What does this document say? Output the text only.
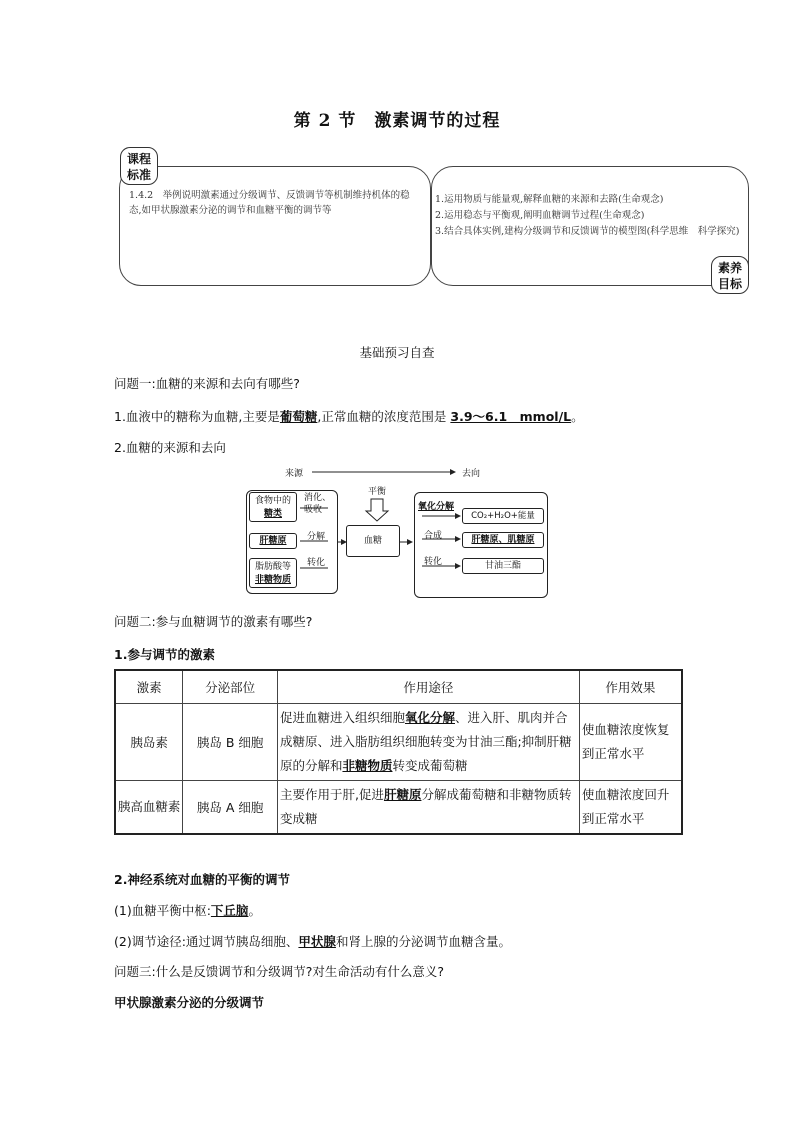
第 2 节　激素调节的过程
课程
标准
1.4.2　举例说明激素通过分级调节、反馈调节等机制维持机体的稳态,如甲状腺激素分泌的调节和血糖平衡的调节等
1.运用物质与能量观,解释血糖的来源和去路(生命观念)
2.运用稳态与平衡观,阐明血糖调节过程(生命观念)
3.结合具体实例,建构分级调节和反馈调节的模型图(科学思维　科学探究)
素养
目标
基础预习自查
问题一:血糖的来源和去向有哪些?
1.血液中的糖称为血糖,主要是葡萄糖,正常血糖的浓度范围是 3.9～6.1　mmol/L。
2.血糖的来源和去向
来源	去向
平衡
食物中的
糖类
消化、吸收
肝糖原	分解
脂肪酸等
非糖物质
转化
血糖
氧化分解
CO₂+H₂O+能量
合成	肝糖原、肌糖原
转化	甘油三酯
问题二:参与血糖调节的激素有哪些?
1.参与调节的激素
激素	分泌部位	作用途径	作用效果
胰岛素	胰岛 B 细胞	促进血糖进入组织细胞氧化分解、进入肝、肌肉并合成糖原、进入脂肪组织细胞转变为甘油三酯;抑制肝糖原的分解和非糖物质转变成葡萄糖	使血糖浓度恢复到正常水平
胰高血糖素	胰岛 A 细胞	主要作用于肝,促进肝糖原分解成葡萄糖和非糖物质转变成糖	使血糖浓度回升到正常水平
2.神经系统对血糖的平衡的调节
(1)血糖平衡中枢:下丘脑。
(2)调节途径:通过调节胰岛细胞、甲状腺和肾上腺的分泌调节血糖含量。
问题三:什么是反馈调节和分级调节?对生命活动有什么意义?
甲状腺激素分泌的分级调节
